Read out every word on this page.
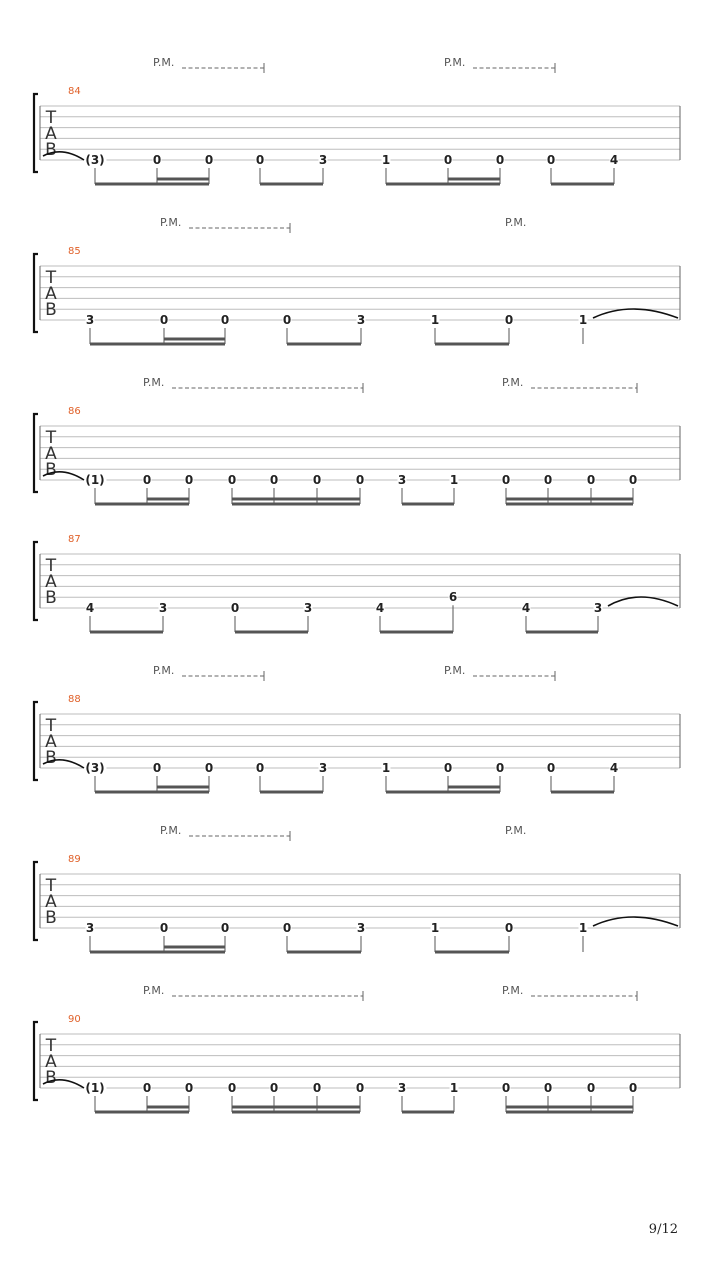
T
A
B
84
P.M.	P.M.
(3)	0	0	0	3	1	0	0	0	4
T
A
B
85
P.M.	P.M.
3	0	0	0	3	1	0	1
T
A
B
86
P.M.	P.M.
(1)	0	0	0	0	0	0	3	1	0	0	0	0
T
A
B
87
4	3	0	3	4
6
4	3
T
A
B
88
P.M.	P.M.
(3)	0	0	0	3	1	0	0	0	4
T
A
B
89
P.M.	P.M.
3	0	0	0	3	1	0	1
T
A
B
90
P.M.	P.M.
(1)	0	0	0	0	0	0	3	1	0	0	0	0
9/12
